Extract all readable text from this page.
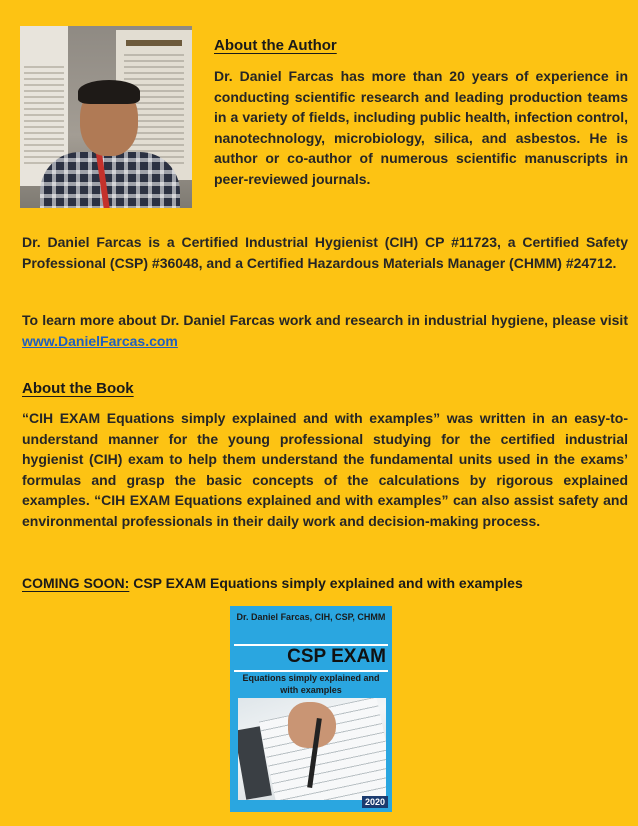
About the Author
Dr. Daniel Farcas has more than 20 years of experience in conducting scientific research and leading production teams in a variety of fields, including public health, infection control, nanotechnology, microbiology, silica, and asbestos. He is author or co-author of numerous scientific manuscripts in peer-reviewed journals.
Dr. Daniel Farcas is a Certified Industrial Hygienist (CIH) CP #11723, a Certified Safety Professional (CSP) #36048, and a Certified Hazardous Materials Manager (CHMM) #24712.
To learn more about Dr. Daniel Farcas work and research in industrial hygiene, please visit www.DanielFarcas.com
About the Book
“CIH EXAM Equations simply explained and with examples” was written in an easy-to-understand manner for the young professional studying for the certified industrial hygienist (CIH) exam to help them understand the fundamental units used in the exams’ formulas and grasp the basic concepts of the calculations by rigorous explained examples. “CIH EXAM Equations explained and with examples” can also assist safety and environmental professionals in their daily work and decision-making process.
COMING SOON: CSP EXAM Equations simply explained and with examples
Dr. Daniel Farcas, CIH, CSP, CHMM
CSP EXAM
Equations simply explained and with examples
2020
